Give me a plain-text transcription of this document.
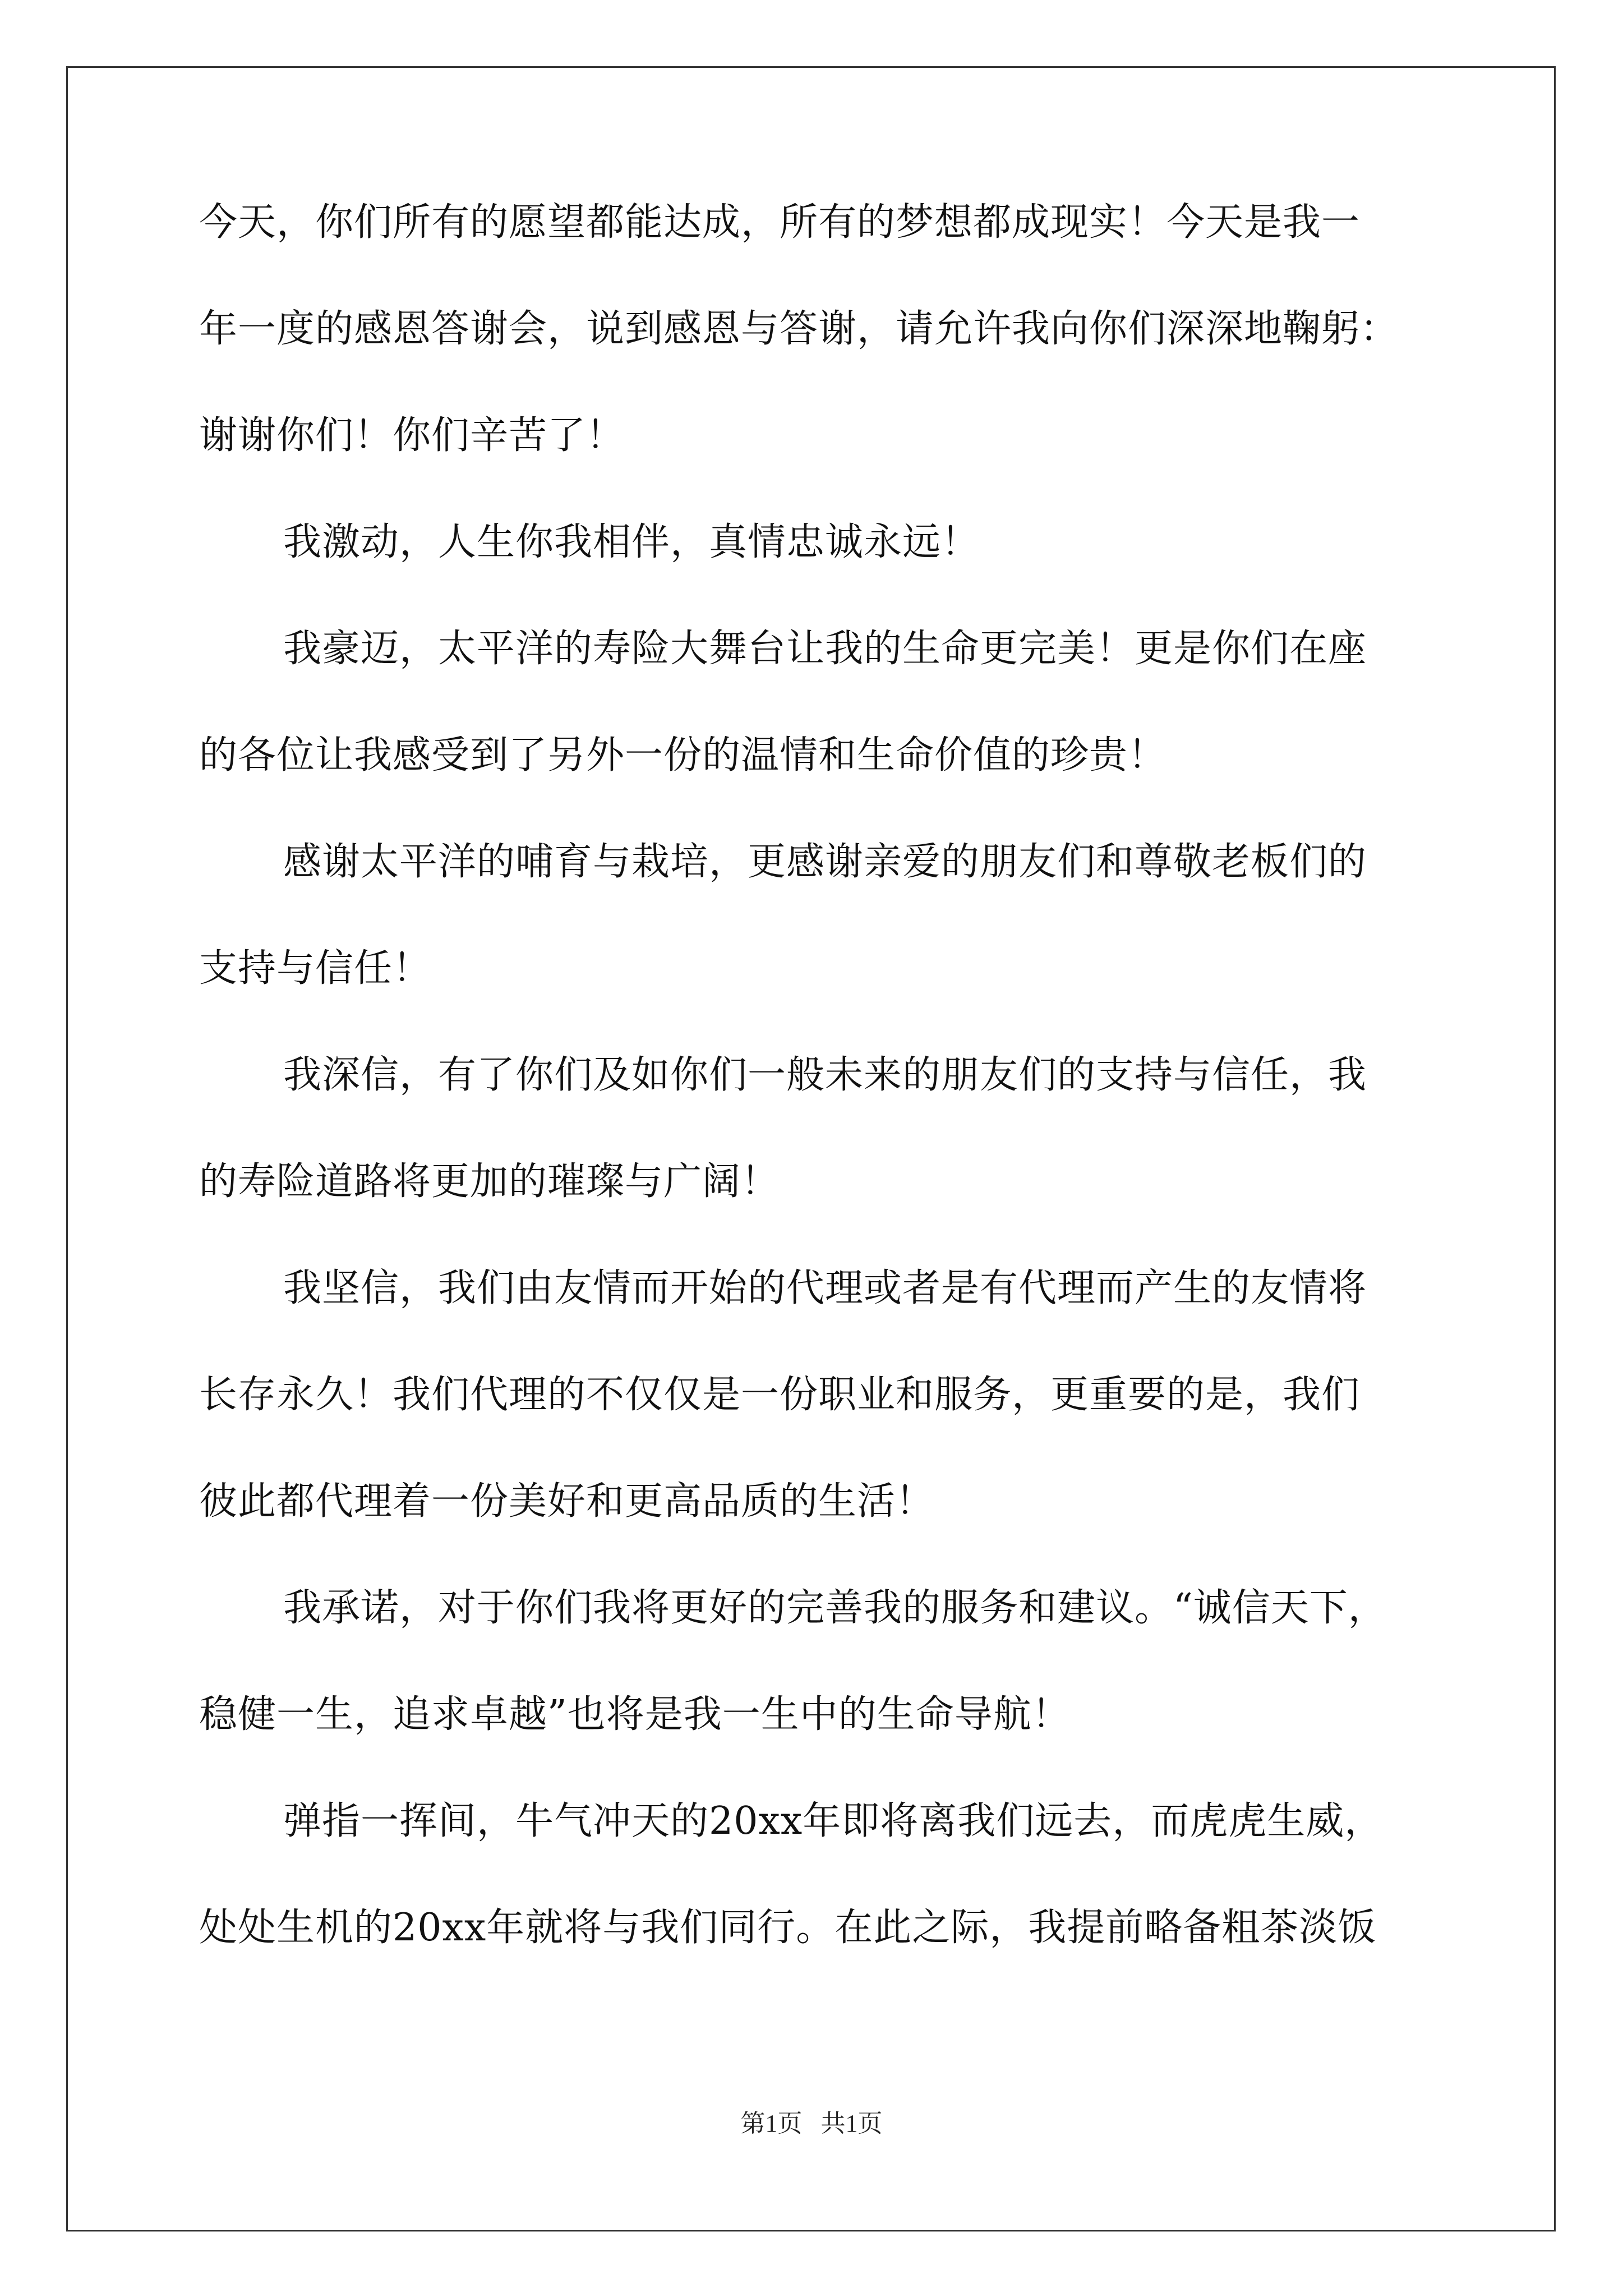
今天，你们所有的愿望都能达成，所有的梦想都成现实！今天是我一
年一度的感恩答谢会，说到感恩与答谢，请允许我向你们深深地鞠躬：
谢谢你们！你们辛苦了！
我激动，人生你我相伴，真情忠诚永远！
我豪迈，太平洋的寿险大舞台让我的生命更完美！更是你们在座
的各位让我感受到了另外一份的温情和生命价值的珍贵！
感谢太平洋的哺育与栽培，更感谢亲爱的朋友们和尊敬老板们的
支持与信任！
我深信，有了你们及如你们一般未来的朋友们的支持与信任，我
的寿险道路将更加的璀璨与广阔！
我坚信，我们由友情而开始的代理或者是有代理而产生的友情将
长存永久！我们代理的不仅仅是一份职业和服务，更重要的是，我们
彼此都代理着一份美好和更高品质的生活！
我承诺，对于你们我将更好的完善我的服务和建议。“诚信天下，
稳健一生，追求卓越”也将是我一生中的生命导航！
弹指一挥间，牛气冲天的20xx年即将离我们远去，而虎虎生威，
处处生机的20xx年就将与我们同行。在此之际，我提前略备粗茶淡饭
第1页   共1页
